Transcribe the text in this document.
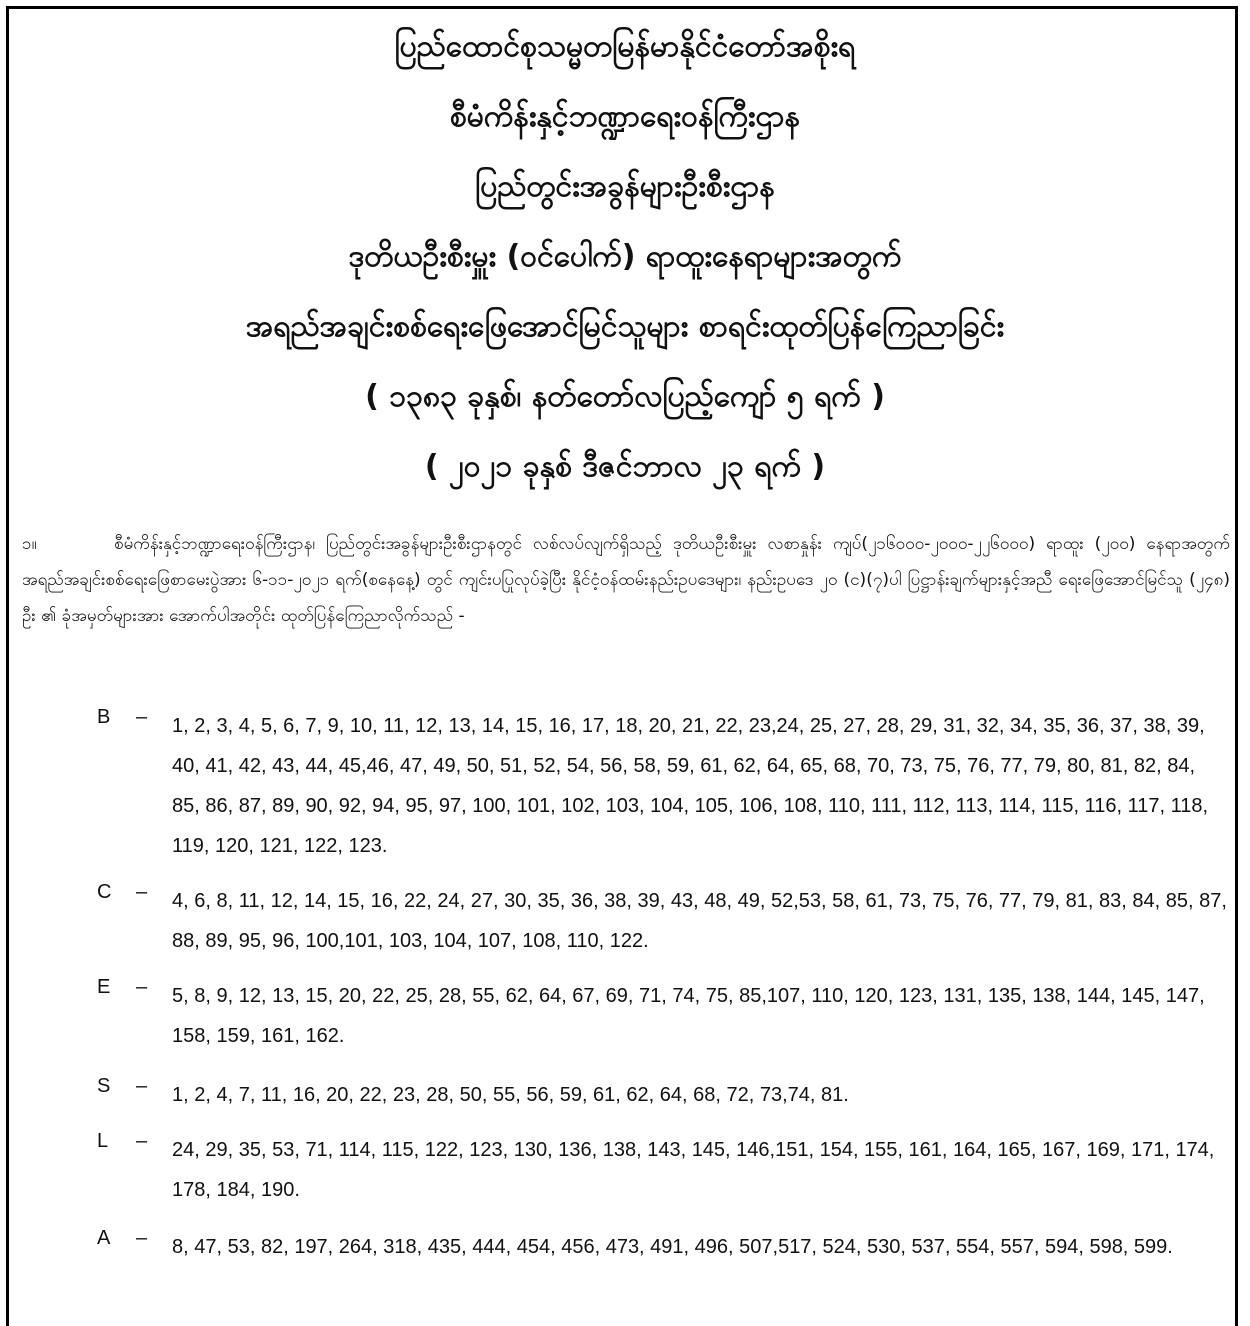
ပြည်ထောင်စုသမ္မတမြန်မာနိုင်ငံတော်အစိုးရ
စီမံကိန်းနှင့်ဘဏ္ဍာရေးဝန်ကြီးဌာန
ပြည်တွင်းအခွန်များဦးစီးဌာန
ဒုတိယဦးစီးမှူး (ဝင်ပေါက်) ရာထူးနေရာများအတွက်
အရည်အချင်းစစ်ရေးဖြေအောင်မြင်သူများ စာရင်းထုတ်ပြန်ကြေညာခြင်း
( ၁၃၈၃ ခုနှစ်၊ နတ်တော်လပြည့်ကျော် ၅ ရက် )
( ၂၀၂၁ ခုနှစ် ဒီဇင်ဘာလ ၂၃ ရက် )
၁။	စီမံကိန်းနှင့်ဘဏ္ဍာရေးဝန်ကြီးဌာန၊ ပြည်တွင်းအခွန်များဦးစီးဌာနတွင် လစ်လပ်လျက်ရှိသည့် ဒုတိယဦးစီးမှူး လစာနှုန်း ကျပ်(၂၁၆၀၀၀-၂၀၀၀-၂၂၆၀၀၀) ရာထူး (၂၀၀) နေရာအတွက် အရည်အချင်းစစ်ရေးဖြေစာမေးပွဲအား ၆-၁၁-၂၀၂၁ ရက်(စနေနေ့) တွင် ကျင်းပပြုလုပ်ခဲ့ပြီး နိုင်ငံ့ဝန်ထမ်းနည်းဥပဒေများ၊ နည်းဥပဒေ ၂၀ (င)(၇)ပါ ပြဋ္ဌာန်းချက်များနှင့်အညီ ရေးဖြေအောင်မြင်သူ (၂၄၈) ဦး ၏ ခုံအမှတ်များအား အောက်ပါအတိုင်း ထုတ်ပြန်ကြေညာလိုက်သည် -
B	–	1, 2, 3, 4, 5, 6, 7, 9, 10, 11, 12, 13, 14, 15, 16, 17, 18, 20, 21, 22, 23,24, 25, 27, 28, 29, 31, 32, 34, 35, 36, 37, 38, 39, 40, 41, 42, 43, 44, 45,46, 47, 49, 50, 51, 52, 54, 56, 58, 59, 61, 62, 64, 65, 68, 70, 73, 75, 76, 77, 79, 80, 81, 82, 84, 85, 86, 87, 89, 90, 92, 94, 95, 97, 100, 101, 102, 103, 104, 105, 106, 108, 110, 111, 112, 113, 114, 115, 116, 117, 118, 119, 120, 121, 122, 123.
C	–	4, 6, 8, 11, 12, 14, 15, 16, 22, 24, 27, 30, 35, 36, 38, 39, 43, 48, 49, 52,53, 58, 61, 73, 75, 76, 77, 79, 81, 83, 84, 85, 87, 88, 89, 95, 96, 100,101, 103, 104, 107, 108, 110, 122.
E	–	5, 8, 9, 12, 13, 15, 20, 22, 25, 28, 55, 62, 64, 67, 69, 71, 74, 75, 85,107, 110, 120, 123, 131, 135, 138, 144, 145, 147, 158, 159, 161, 162.
S	–	1, 2, 4, 7, 11, 16, 20, 22, 23, 28, 50, 55, 56, 59, 61, 62, 64, 68, 72, 73,74, 81.
L	–	24, 29, 35, 53, 71, 114, 115, 122, 123, 130, 136, 138, 143, 145, 146,151, 154, 155, 161, 164, 165, 167, 169, 171, 174, 178, 184, 190.
A	–	8, 47, 53, 82, 197, 264, 318, 435, 444, 454, 456, 473, 491, 496, 507,517, 524, 530, 537, 554, 557, 594, 598, 599.
